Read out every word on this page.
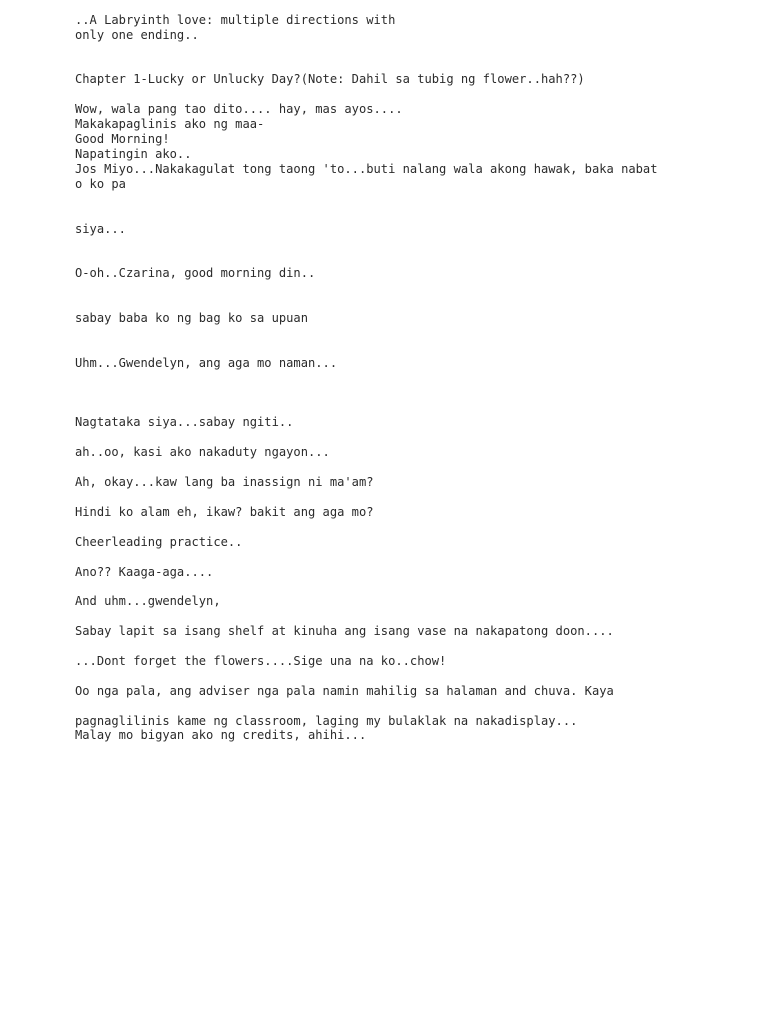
..A Labryinth love: multiple directions with

only one ending..

Chapter 1-Lucky or Unlucky Day?(Note: Dahil sa tubig ng flower..hah??)

Wow, wala pang tao dito.... hay, mas ayos....

Makakapaglinis ako ng maa-

Good Morning!

Napatingin ako..

Jos Miyo...Nakakagulat tong taong 'to...buti nalang wala akong hawak, baka nabat

o ko pa

siya...

O-oh..Czarina, good morning din..

sabay baba ko ng bag ko sa upuan

Uhm...Gwendelyn, ang aga mo naman...

Nagtataka siya...sabay ngiti..

ah..oo, kasi ako nakaduty ngayon...

Ah, okay...kaw lang ba inassign ni ma'am?

Hindi ko alam eh, ikaw? bakit ang aga mo?

Cheerleading practice..

Ano?? Kaaga-aga....

And uhm...gwendelyn,

Sabay lapit sa isang shelf at kinuha ang isang vase na nakapatong doon....

...Dont forget the flowers....Sige una na ko..chow!

Oo nga pala, ang adviser nga pala namin mahilig sa halaman and chuva. Kaya

pagnaglilinis kame ng classroom, laging my bulaklak na nakadisplay...

Malay mo bigyan ako ng credits, ahihi...
